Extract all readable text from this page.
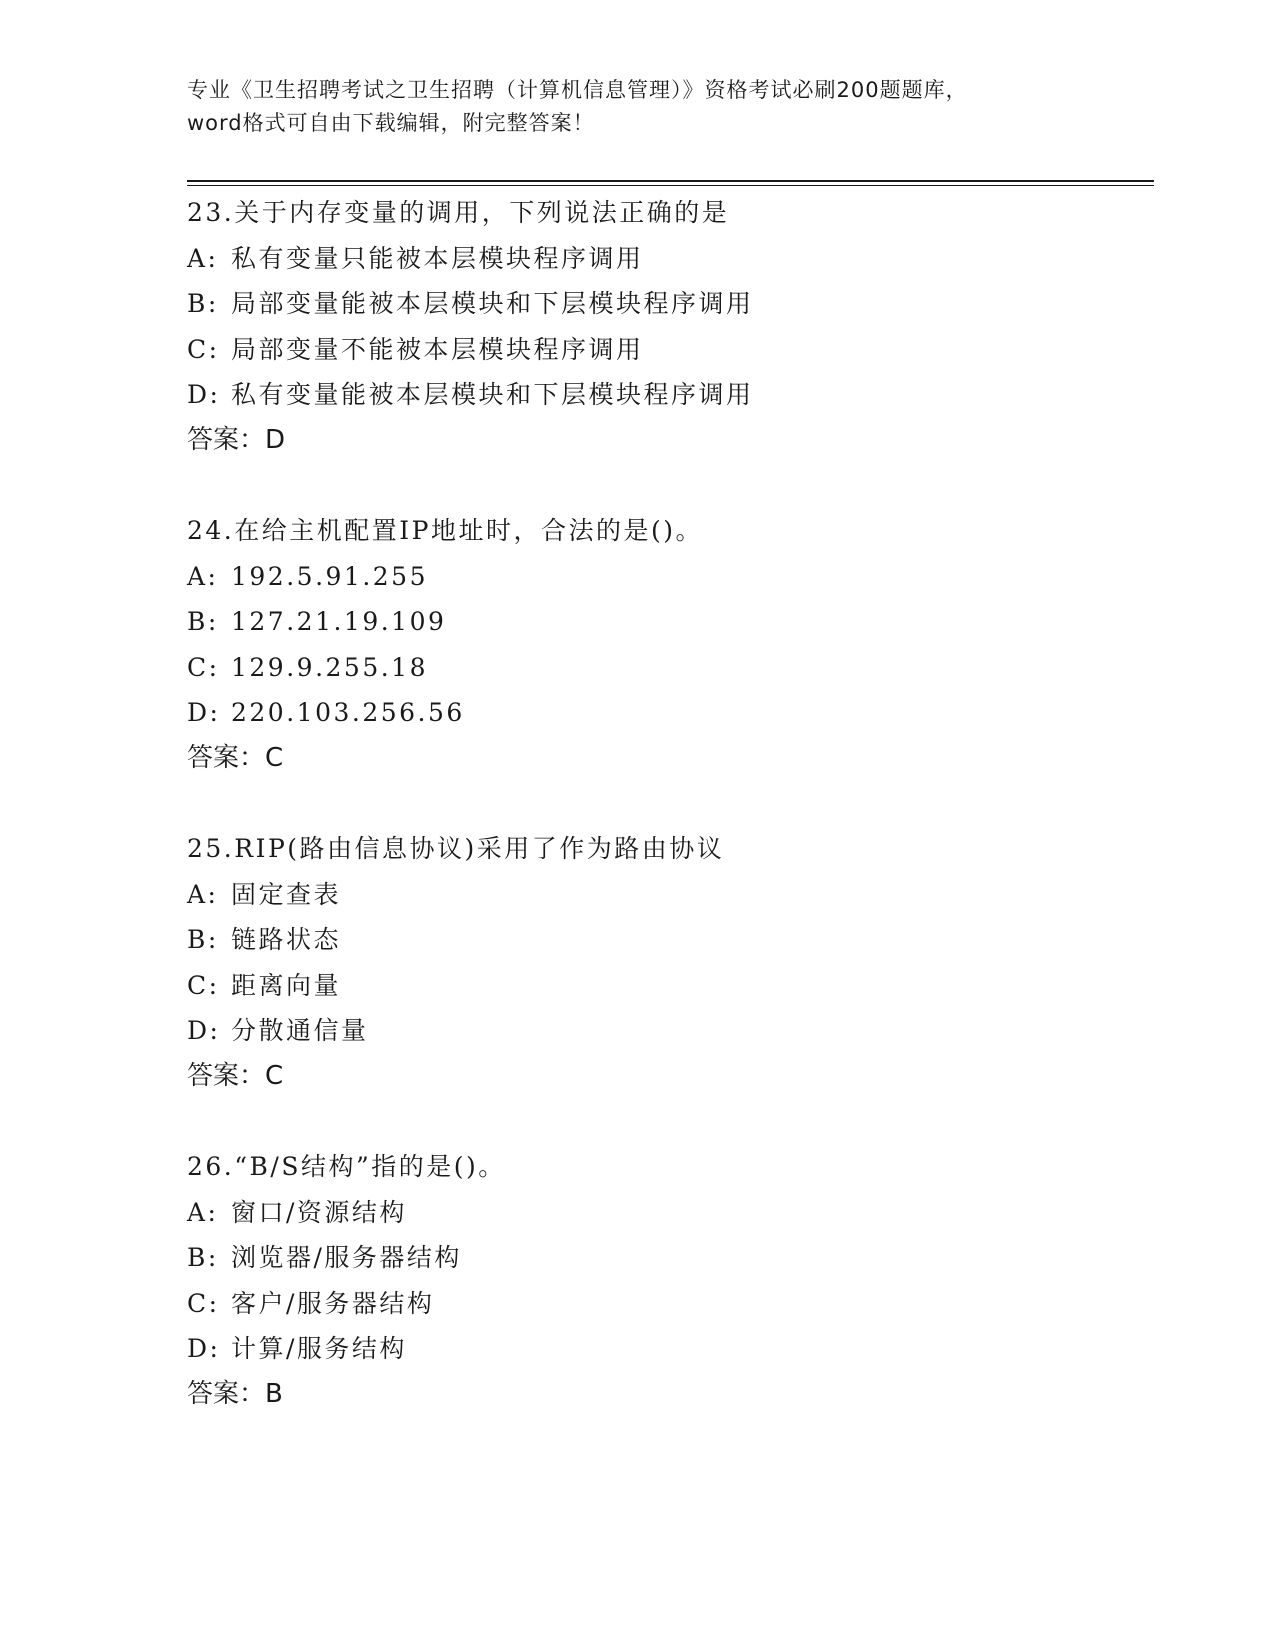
专业《卫生招聘考试之卫生招聘（计算机信息管理）》资格考试必刷200题题库，
word格式可自由下载编辑，附完整答案！
23.关于内存变量的调用，下列说法正确的是
A: 私有变量只能被本层模块程序调用
B: 局部变量能被本层模块和下层模块程序调用
C: 局部变量不能被本层模块程序调用
D: 私有变量能被本层模块和下层模块程序调用
答案：D
24.在给主机配置IP地址时，合法的是()。
A: 192.5.91.255
B: 127.21.19.109
C: 129.9.255.18
D: 220.103.256.56
答案：C
25.RIP(路由信息协议)采用了作为路由协议
A: 固定查表
B: 链路状态
C: 距离向量
D: 分散通信量
答案：C
26.“B/S结构”指的是()。
A: 窗口/资源结构
B: 浏览器/服务器结构
C: 客户/服务器结构
D: 计算/服务结构
答案：B
